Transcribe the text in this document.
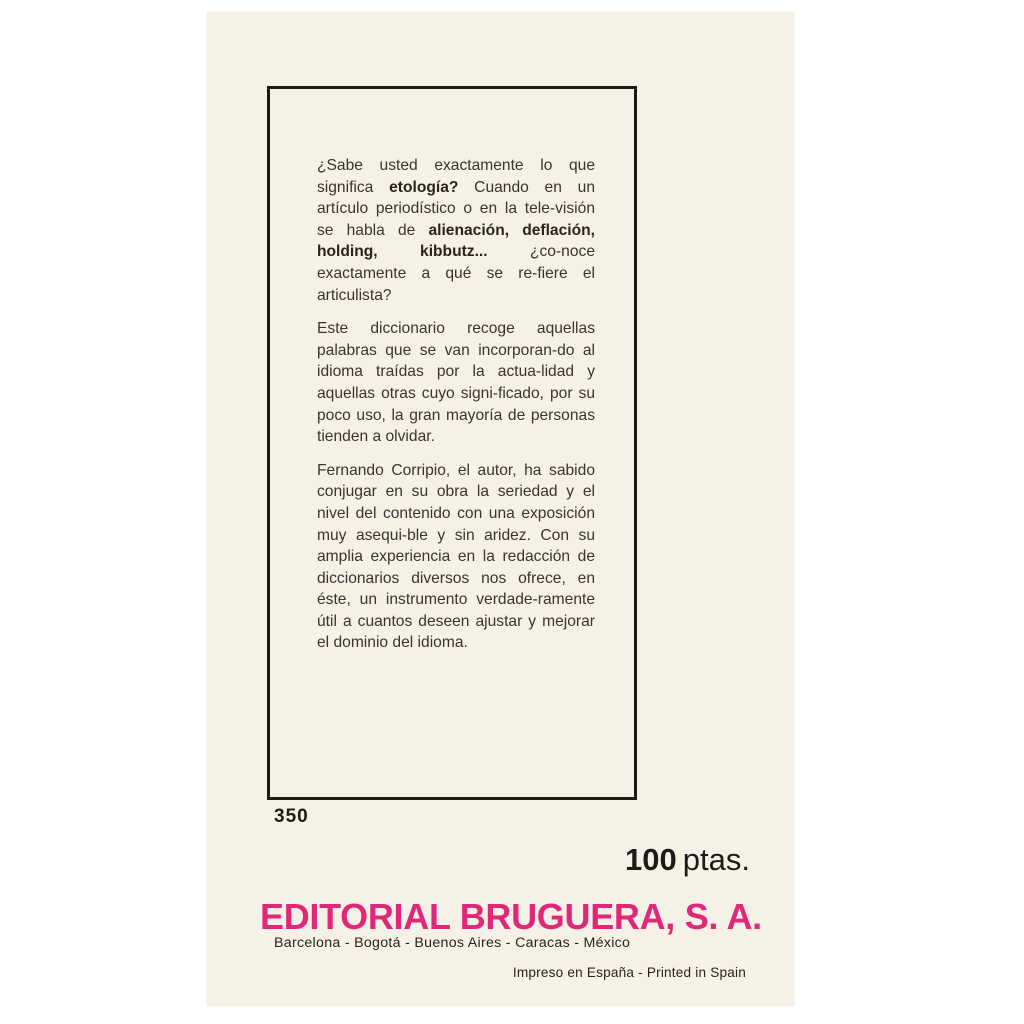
¿Sabe usted exactamente lo que significa etología? Cuando en un artículo periodístico o en la tele-visión se habla de alienación, deflación, holding, kibbutz... ¿co-noce exactamente a qué se re-fiere el articulista?

Este diccionario recoge aquellas palabras que se van incorporan-do al idioma traídas por la actua-lidad y aquellas otras cuyo signi-ficado, por su poco uso, la gran mayoría de personas tienden a olvidar.

Fernando Corripio, el autor, ha sabido conjugar en su obra la seriedad y el nivel del contenido con una exposición muy asequi-ble y sin aridez. Con su amplia experiencia en la redacción de diccionarios diversos nos ofrece, en éste, un instrumento verdade-ramente útil a cuantos deseen ajustar y mejorar el dominio del idioma.

350
100 ptas.
EDITORIAL BRUGUERA, S. A.
Barcelona - Bogotá - Buenos Aires - Caracas - México
Impreso en España - Printed in Spain
